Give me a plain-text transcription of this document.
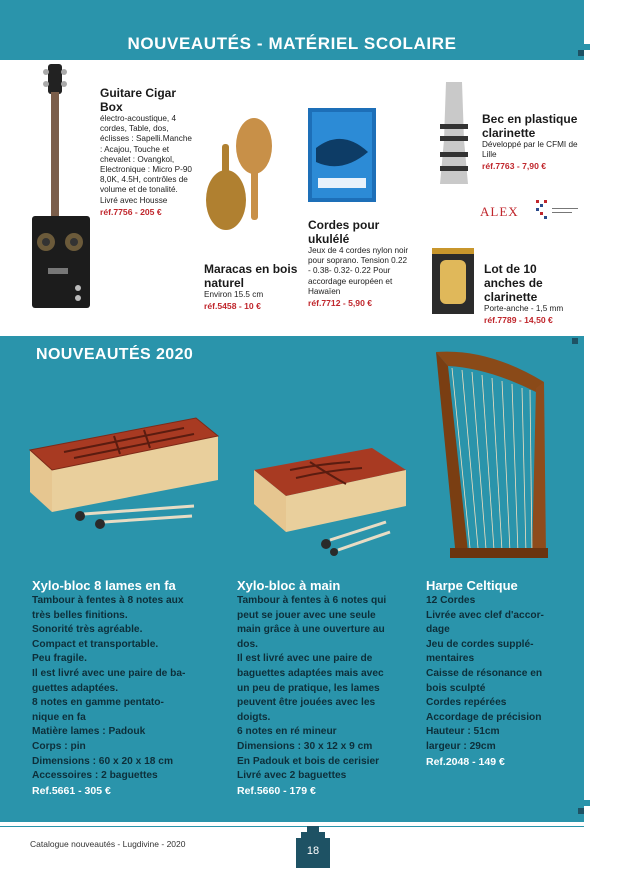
NOUVEAUTÉS - MATÉRIEL SCOLAIRE
Guitare Cigar Box
électro-acoustique, 4 cordes, Table, dos, éclisses : Sapelli.Manche : Acajou, Touche et chevalet : Ovangkol, Electronique : Micro P-90 8,0K, 4.5H, contrôles de volume et de tonalité. Livré avec Housse
réf.7756 - 205 €
Maracas en bois naturel
Environ 15.5 cm
réf.5458 - 10 €
Cordes pour ukulélé
Jeux de 4 cordes nylon noir pour soprano. Tension 0.22 - 0.38- 0.32- 0.22 Pour accordage européen et Hawaïen
réf.7712 - 5,90 €
Bec en plastique clarinette
Développé par le CFMI de Lille
réf.7763 - 7,90 €
ALEX
Lot de 10 anches de clarinette
Porte-anche - 1,5 mm
réf.7789 - 14,50 €
NOUVEAUTÉS 2020
Xylo-bloc 8 lames en fa
Tambour à fentes à 8 notes aux
très belles finitions.
Sonorité très agréable.
Compact et transportable.
Peu fragile.
Il est livré avec une paire de ba-
guettes adaptées.
8 notes en gamme pentato-
nique en fa
Matière lames : Padouk
Corps : pin
Dimensions : 60 x 20 x 18 cm
Accessoires : 2 baguettes
Ref.5661 - 305 €
Xylo-bloc à main
Tambour à fentes à 6 notes qui
peut se jouer avec une seule
main grâce à une ouverture au
dos.
Il est livré avec une paire de
baguettes adaptées mais avec
un peu de pratique, les lames
peuvent être jouées avec les
doigts.
6 notes en ré mineur
Dimensions : 30 x 12 x 9 cm
En Padouk et bois de cerisier
Livré avec 2 baguettes
Ref.5660 - 179 €
Harpe Celtique
12 Cordes
Livrée avec clef d'accor-
dage
Jeu de cordes supplé-
mentaires
Caisse de résonance en
bois sculpté
Cordes repérées
Accordage de précision
Hauteur : 51cm
largeur : 29cm
Ref.2048 - 149 €
Catalogue nouveautés - Lugdivine - 2020
18
